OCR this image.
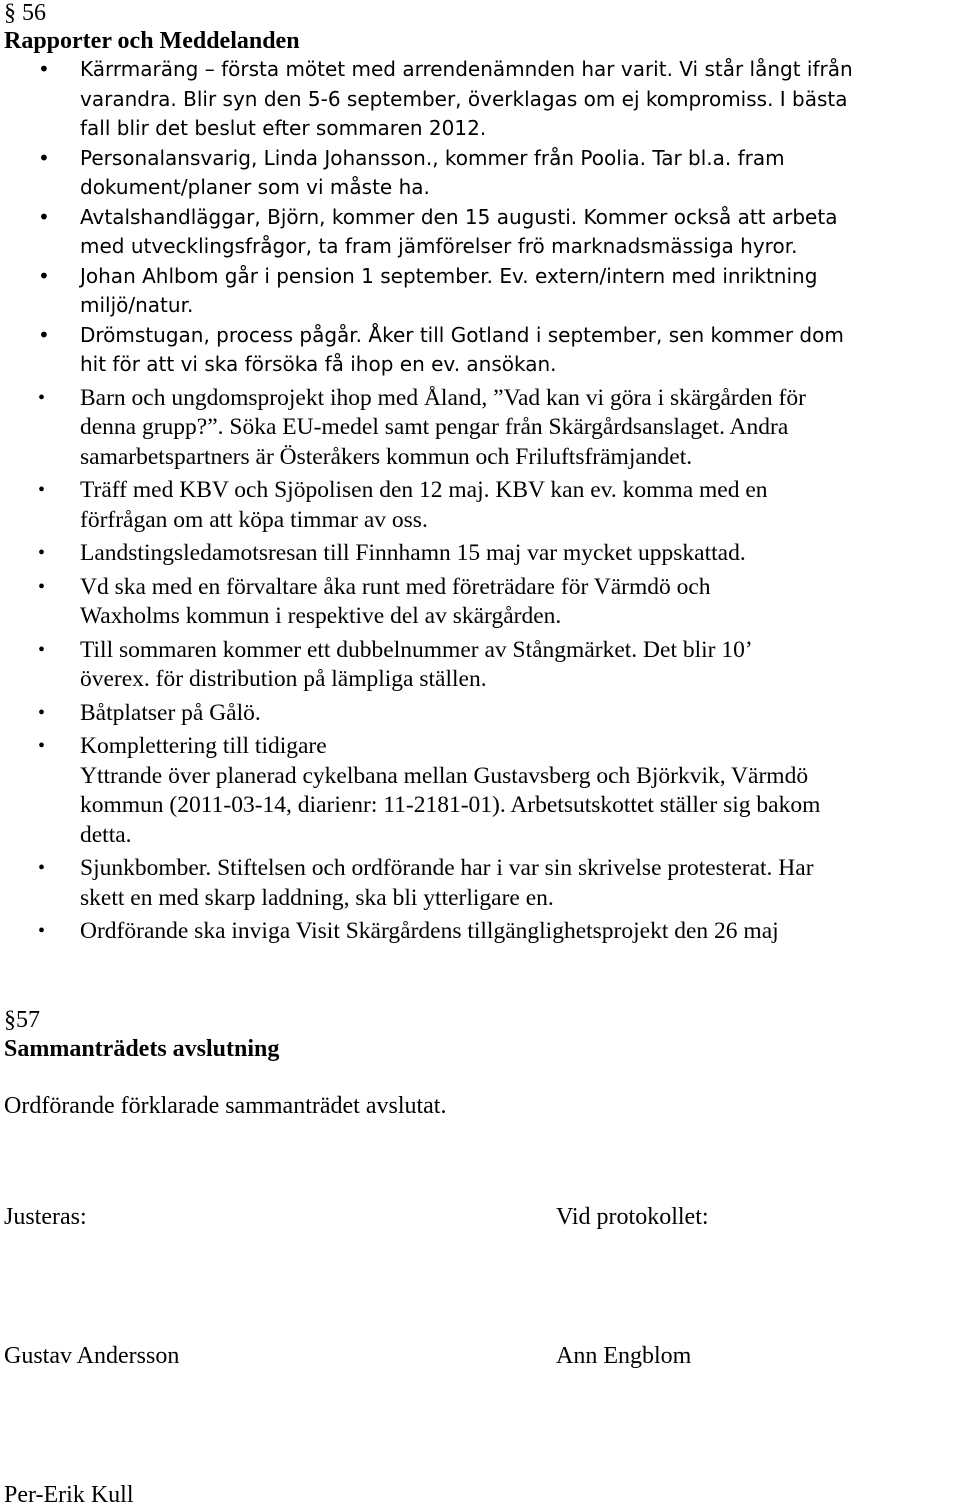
§ 56
Rapporter och Meddelanden
• Kärrmaräng – första mötet med arrendenämnden har varit. Vi står långt ifrån
varandra. Blir syn den 5-6 september, överklagas om ej kompromiss. I bästa
fall blir det beslut efter sommaren 2012.
• Personalansvarig, Linda Johansson., kommer från Poolia. Tar bl.a. fram
dokument/planer som vi måste ha.
• Avtalshandläggar, Björn, kommer den 15 augusti. Kommer också att arbeta
med utvecklingsfrågor, ta fram jämförelser frö marknadsmässiga hyror.
• Johan Ahlbom går i pension 1 september. Ev. extern/intern med inriktning
miljö/natur.
• Drömstugan, process pågår. Åker till Gotland i september, sen kommer dom
hit för att vi ska försöka få ihop en ev. ansökan.
• Barn och ungdomsprojekt ihop med Åland, ”Vad kan vi göra i skärgården för
denna grupp?”. Söka EU-medel samt pengar från Skärgårdsanslaget. Andra
samarbetspartners är Österåkers kommun och Friluftsfrämjandet.
• Träff med KBV och Sjöpolisen den 12 maj. KBV kan ev. komma med en
förfrågan om att köpa timmar av oss.
• Landstingsledamotsresan till Finnhamn 15 maj var mycket uppskattad.
• Vd ska med en förvaltare åka runt med företrädare för Värmdö och
Waxholms kommun i respektive del av skärgården.
• Till sommaren kommer ett dubbelnummer av Stångmärket. Det blir 10’
överex. för distribution på lämpliga ställen.
• Båtplatser på Gålö.
• Komplettering till tidigare
Yttrande över planerad cykelbana mellan Gustavsberg och Björkvik, Värmdö
kommun (2011-03-14, diarienr: 11-2181-01). Arbetsutskottet ställer sig bakom
detta.
• Sjunkbomber. Stiftelsen och ordförande har i var sin skrivelse protesterat. Har
skett en med skarp laddning, ska bli ytterligare en.
• Ordförande ska inviga Visit Skärgårdens tillgänglighetsprojekt den 26 maj
§57
Sammanträdets avslutning
Ordförande förklarade sammanträdet avslutat.
Justeras:	Vid protokollet:
Gustav Andersson	Ann Engblom
Per-Erik Kull
